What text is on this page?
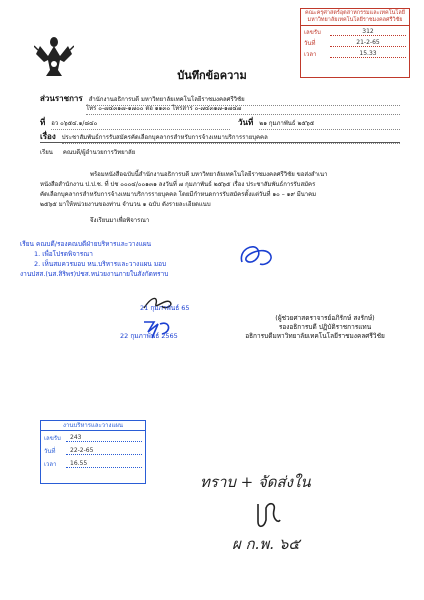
บันทึกข้อความ
คณะครุศาสตร์อุตสาหกรรมและเทคโนโลยี มหาวิทยาลัยเทคโนโลยีราชมงคลศรีวิชัย
เลขรับ	312
วันที่	21-2-65
เวลา	15.33
ส่วนราชการ สำนักงานอธิการบดี มหาวิทยาลัยเทคโนโลยีราชมงคลศรีวิชัย
โทร ๐-๗๔๓๑๗-๑๗๐๐ ต่อ ๑๑๓๐ โทรสาร ๐-๗๔๓๑๗-๑๗๔๗
ที่ อว ๐๖๕๔.๑/๘๔๐	วันที่ ๒๑ กุมภาพันธ์ ๒๕๖๕
เรื่อง ประชาสัมพันธ์การรับสมัครคัดเลือกบุคลากรสำหรับการจ้างเหมาบริการรายบุคคล
เรียน คณบดี/ผู้อำนวยการวิทยาลัย
พร้อมหนังสือฉบับนี้สำนักงานอธิการบดี มหาวิทยาลัยเทคโนโลยีราชมงคลศรีวิชัย ขอส่งสำเนา
หนังสือสำนักงาน ป.ป.ช. ที่ ปช ๐๐๐๔/๐๐๑๓๑ ลงวันที่ ๗ กุมภาพันธ์ ๒๕๖๕ เรื่อง ประชาสัมพันธ์การรับสมัคร
คัดเลือกบุคลากรสำหรับการจ้างเหมาบริการรายบุคคล โดยมีกำหนดการรับสมัครตั้งแต่วันที่ ๑๐ – ๑๙ มีนาคม
๒๕๖๕ มาให้หน่วยงานของท่าน จำนวน ๑ ฉบับ ดังรายละเอียดแนบ
จึงเรียนมาเพื่อพิจารณา
เรียน คณบดี/รองคณบดีฝ่ายบริหารและวางแผน
1. เพื่อโปรดพิจารณา
2. เห็นสมควรมอบ หน.บริหารและวางแผน มอบ
งานปสส.(นส.สิริพร)ปชส.หน่วยงานภายในสังกัดทราบ
21 กุมภาพันธ์ 65
22 กุมภาพันธ์ 2565
(ผู้ช่วยศาสตราจารย์อภิรักษ์ สงรักษ์)
รองอธิการบดี ปฏิบัติราชการแทน
อธิการบดีมหาวิทยาลัยเทคโนโลยีราชมงคลศรีวิชัย
งานบริหารและวางแผน
เลขรับ	243
วันที่	22-2-65
เวลา	16.55
ทราบ + จัดส่งใน
ผ ก.พ. ๖๕
